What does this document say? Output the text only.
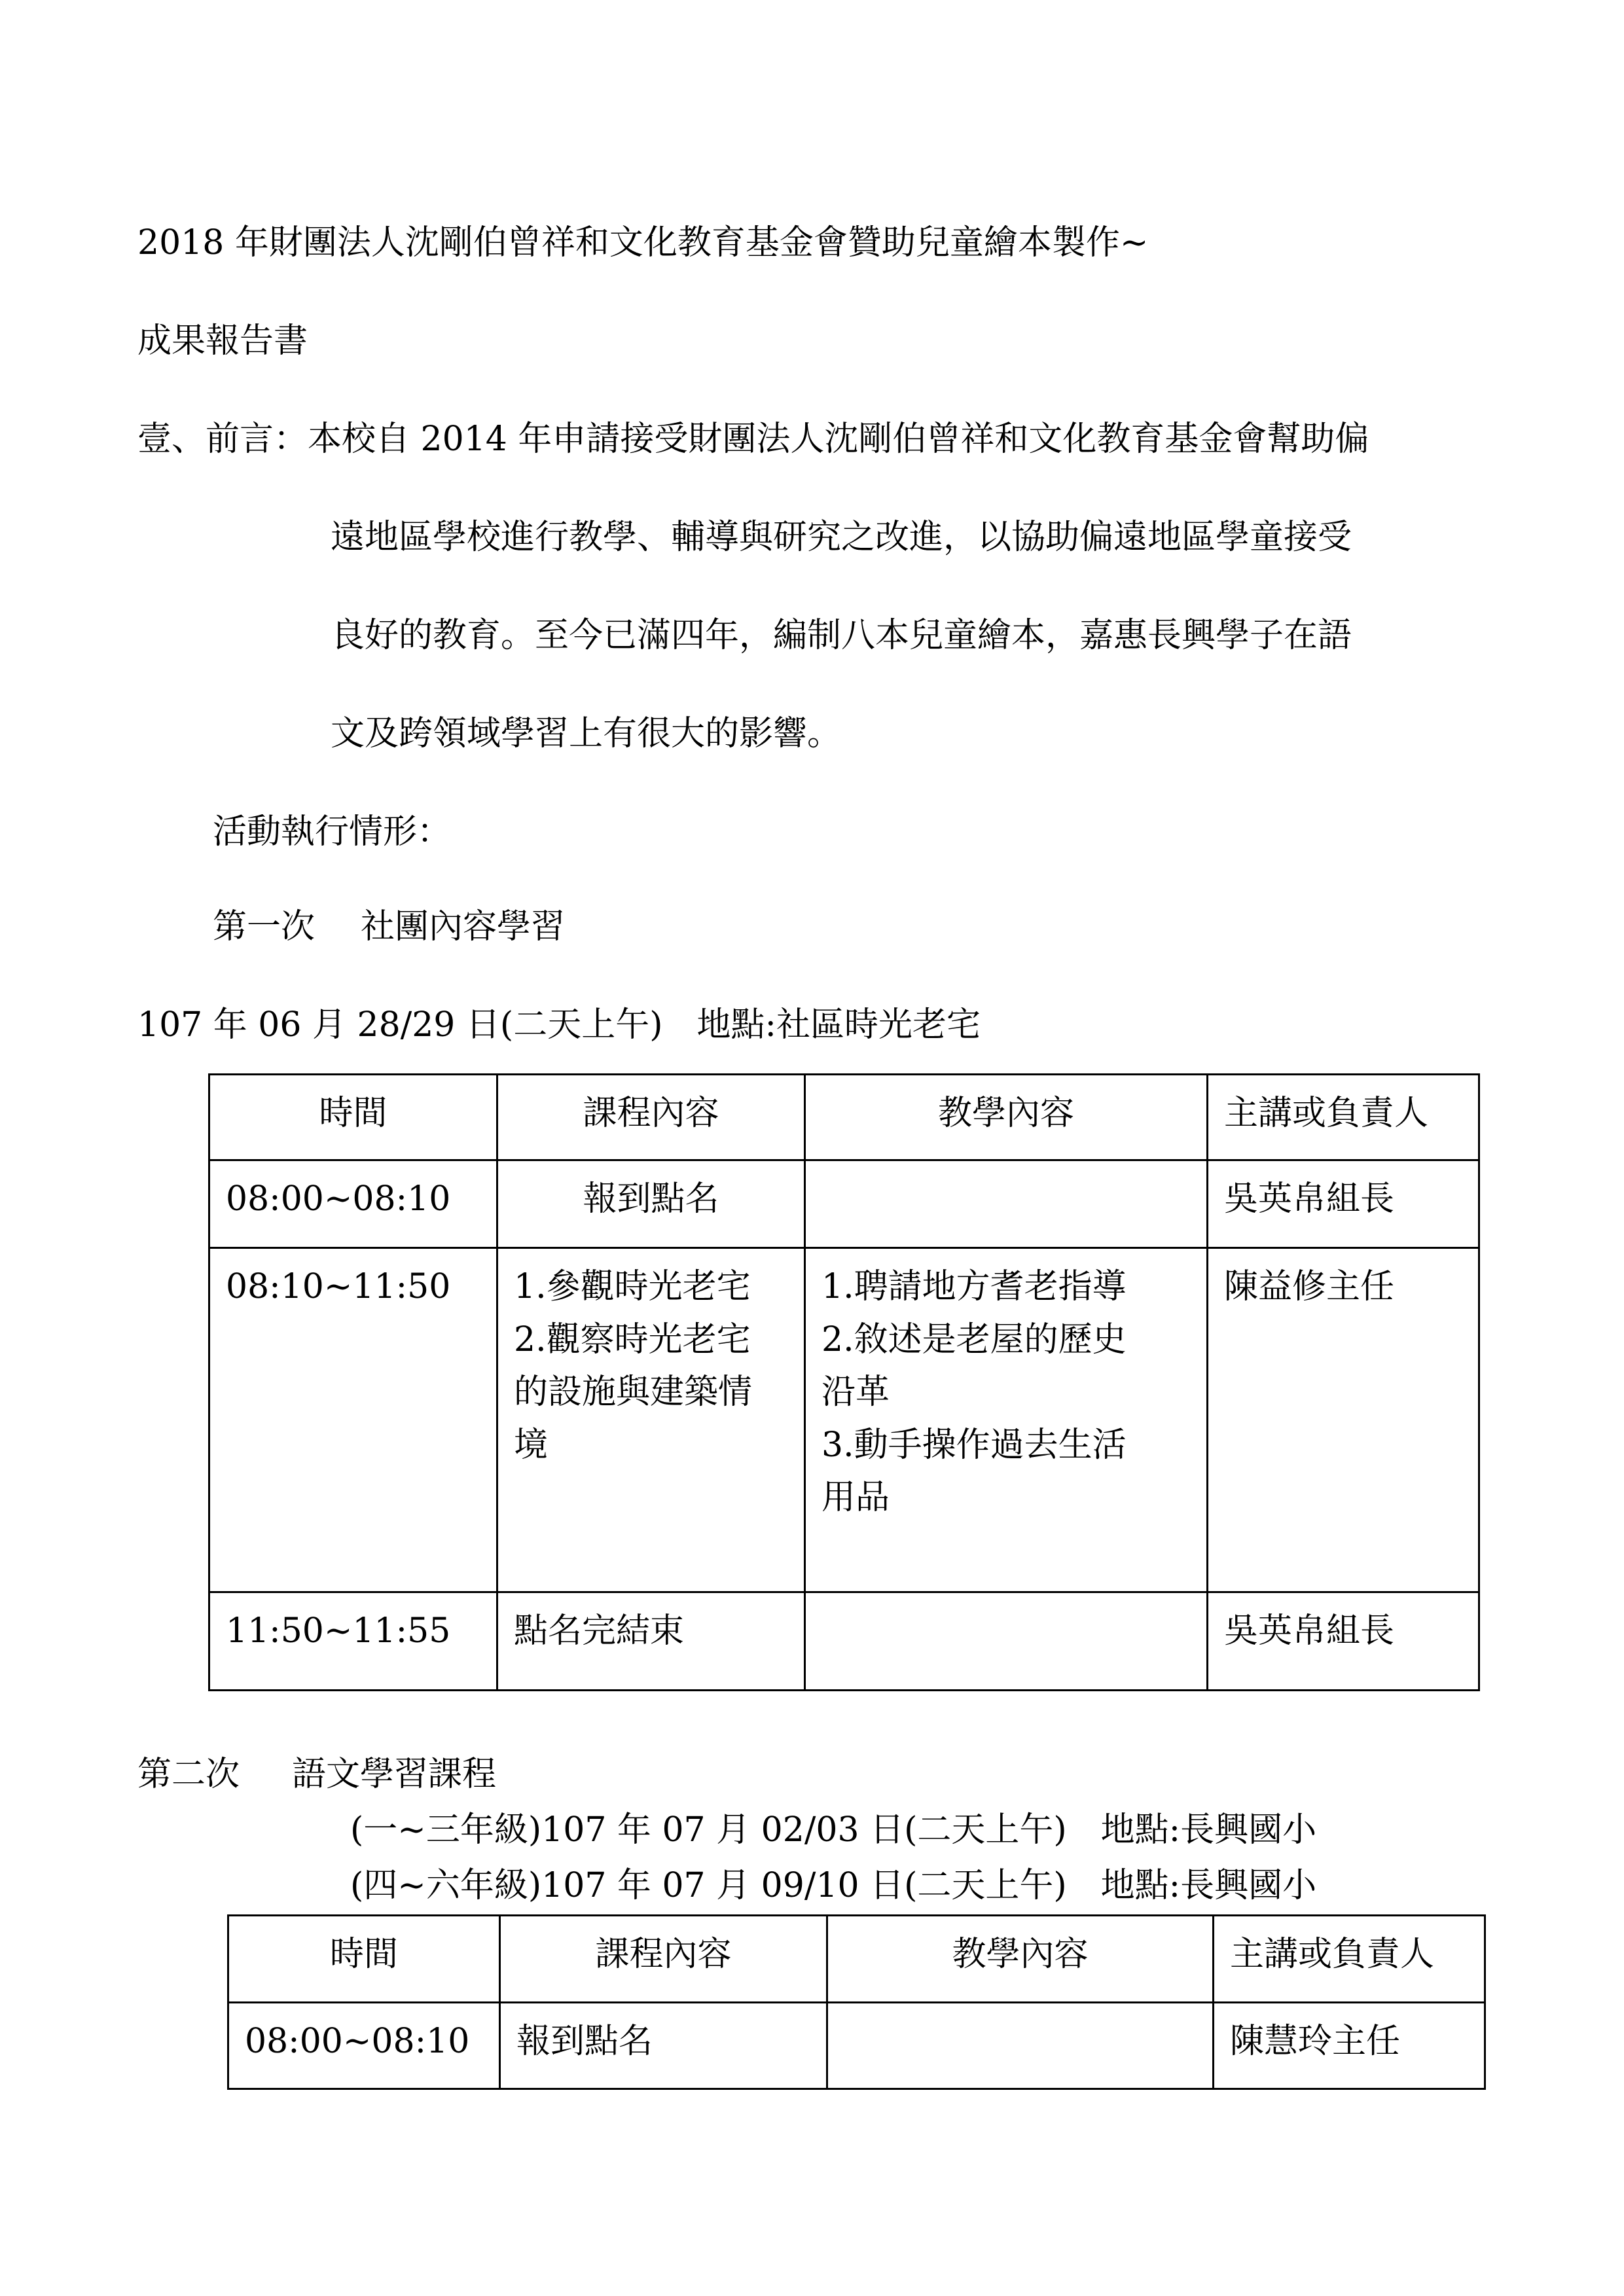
2018 年財團法人沈剛伯曾祥和文化教育基金會贊助兒童繪本製作~
成果報告書

壹、前言：本校自 2014 年申請接受財團法人沈剛伯曾祥和文化教育基金會幫助偏

遠地區學校進行教學、輔導與研究之改進，以協助偏遠地區學童接受

良好的教育。至今已滿四年，編制八本兒童繪本，嘉惠長興學子在語

文及跨領域學習上有很大的影響。

活動執行情形：

第一次 社團內容學習

107 年 06 月 28/29 日(二天上午)　地點:社區時光老宅

時間	課程內容	教學內容	主講或負責人
08:00~08:10	報到點名		吳英帛組長
08:10~11:50	1.參觀時光老宅
2.觀察時光老宅
的設施與建築情
境	1.聘請地方耆老指導
2.敘述是老屋的歷史
沿革
3.動手操作過去生活
用品	陳益修主任
11:50~11:55	點名完結束		吳英帛組長

第二次 語文學習課程

(一~三年級)107 年 07 月 02/03 日(二天上午)　地點:長興國小

(四~六年級)107 年 07 月 09/10 日(二天上午)　地點:長興國小

時間	課程內容	教學內容	主講或負責人
08:00~08:10	報到點名		陳慧玲主任
